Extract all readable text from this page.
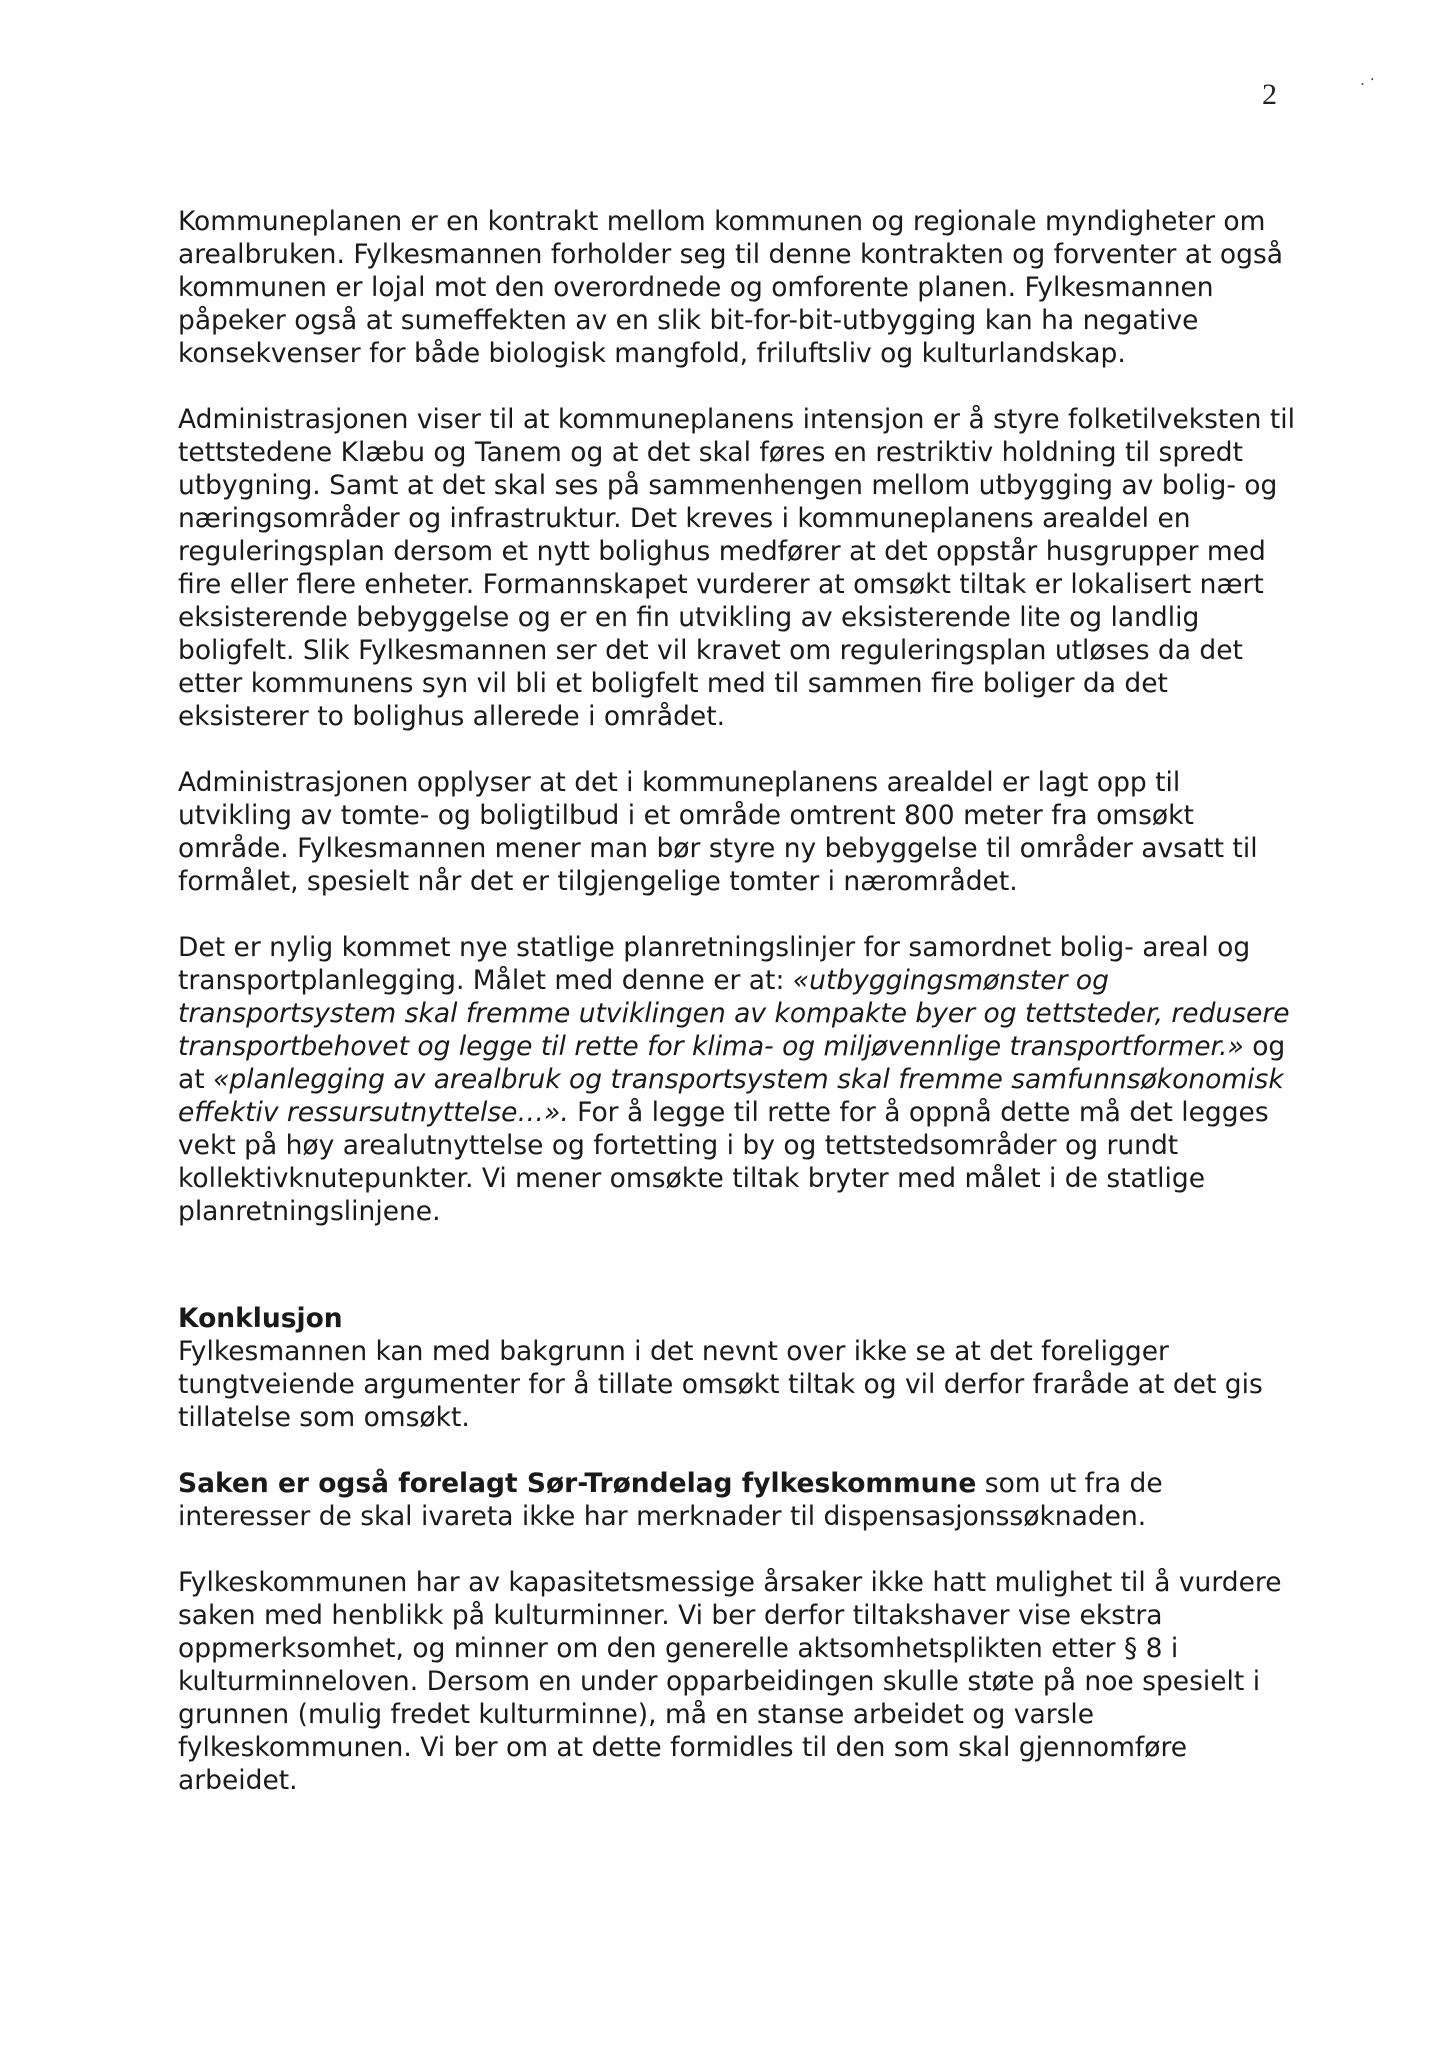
2	. ⸱

Kommuneplanen er en kontrakt mellom kommunen og regionale myndigheter om arealbruken. Fylkesmannen forholder seg til denne kontrakten og forventer at også kommunen er lojal mot den overordnede og omforente planen. Fylkesmannen påpeker også at sumeffekten av en slik bit-for-bit-utbygging kan ha negative konsekvenser for både biologisk mangfold, friluftsliv og kulturlandskap.

Administrasjonen viser til at kommuneplanens intensjon er å styre folketilveksten til tettstedene Klæbu og Tanem og at det skal føres en restriktiv holdning til spredt utbygning. Samt at det skal ses på sammenhengen mellom utbygging av bolig- og næringsområder og infrastruktur. Det kreves i kommuneplanens arealdel en reguleringsplan dersom et nytt bolighus medfører at det oppstår husgrupper med fire eller flere enheter. Formannskapet vurderer at omsøkt tiltak er lokalisert nært eksisterende bebyggelse og er en fin utvikling av eksisterende lite og landlig boligfelt. Slik Fylkesmannen ser det vil kravet om reguleringsplan utløses da det etter kommunens syn vil bli et boligfelt med til sammen fire boliger da det eksisterer to bolighus allerede i området.

Administrasjonen opplyser at det i kommuneplanens arealdel er lagt opp til utvikling av tomte- og boligtilbud i et område omtrent 800 meter fra omsøkt område. Fylkesmannen mener man bør styre ny bebyggelse til områder avsatt til formålet, spesielt når det er tilgjengelige tomter i nærområdet.

Det er nylig kommet nye statlige planretningslinjer for samordnet bolig- areal og transportplanlegging. Målet med denne er at: «utbyggingsmønster og transportsystem skal fremme utviklingen av kompakte byer og tettsteder, redusere transportbehovet og legge til rette for klima- og miljøvennlige transportformer.» og at «planlegging av arealbruk og transportsystem skal fremme samfunnsøkonomisk effektiv ressursutnyttelse…». For å legge til rette for å oppnå dette må det legges vekt på høy arealutnyttelse og fortetting i by og tettstedsområder og rundt kollektivknutepunkter. Vi mener omsøkte tiltak bryter med målet i de statlige planretningslinjene.

Konklusjon

Fylkesmannen kan med bakgrunn i det nevnt over ikke se at det foreligger tungtveiende argumenter for å tillate omsøkt tiltak og vil derfor fraråde at det gis tillatelse som omsøkt.

Saken er også forelagt Sør-Trøndelag fylkeskommune som ut fra de interesser de skal ivareta ikke har merknader til dispensasjonssøknaden.

Fylkeskommunen har av kapasitetsmessige årsaker ikke hatt mulighet til å vurdere saken med henblikk på kulturminner. Vi ber derfor tiltakshaver vise ekstra oppmerksomhet, og minner om den generelle aktsomhetsplikten etter § 8 i kulturminneloven. Dersom en under opparbeidingen skulle støte på noe spesielt i grunnen (mulig fredet kulturminne), må en stanse arbeidet og varsle fylkeskommunen. Vi ber om at dette formidles til den som skal gjennomføre arbeidet.
